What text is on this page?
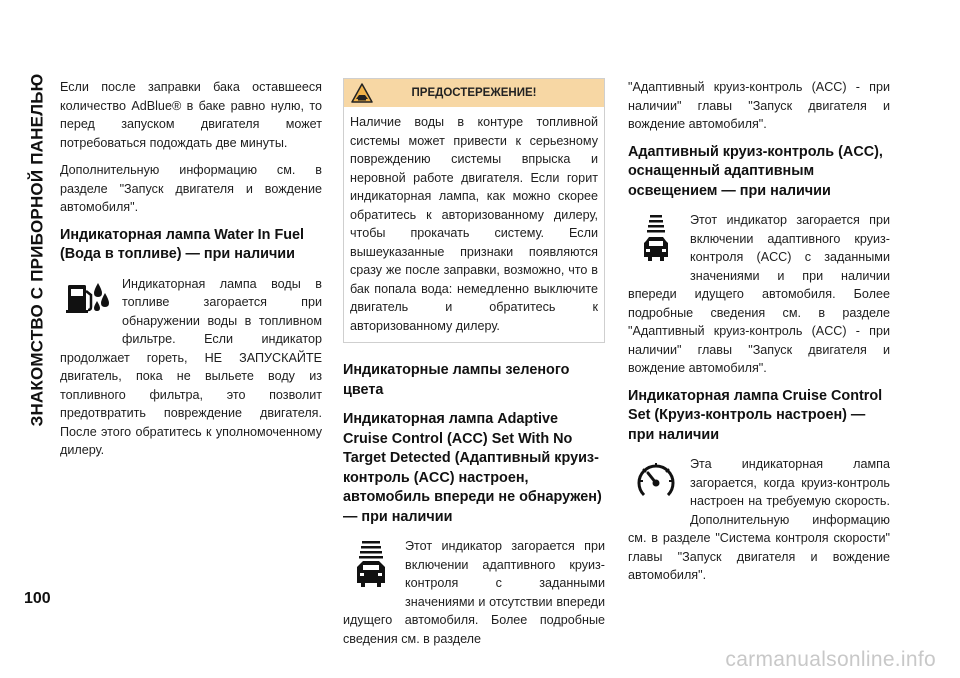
ЗНАКОМСТВО С ПРИБОРНОЙ ПАНЕЛЬЮ
100

Если после заправки бака оставшееся количество AdBlue® в баке равно нулю, то перед запуском двигателя может потребоваться подождать две минуты.

Дополнительную информацию см. в разделе "Запуск двигателя и вождение автомобиля".

Индикаторная лампа Water In Fuel (Вода в топливе) — при наличии
Индикаторная лампа воды в топливе загорается при обнаружении воды в топливном фильтре. Если индикатор продолжает гореть, НЕ ЗАПУСКАЙТЕ двигатель, пока не выльете воду из топливного фильтра, это позволит предотвратить повреждение двигателя. После этого обратитесь к уполномоченному дилеру.
ПРЕДОСТЕРЕЖЕНИЕ!
Наличие воды в контуре топливной системы может привести к серьезному повреждению системы впрыска и неровной работе двигателя. Если горит индикаторная лампа, как можно скорее обратитесь к авторизованному дилеру, чтобы прокачать систему. Если вышеуказанные признаки появляются сразу же после заправки, возможно, что в бак попала вода: немедленно выключите двигатель и обратитесь к авторизованному дилеру.
Индикаторные лампы зеленого цвета
Индикаторная лампа Adaptive Cruise Control (ACC) Set With No Target Detected (Адаптивный круиз-контроль (ACC) настроен, автомобиль впереди не обнаружен) — при наличии
Этот индикатор загорается при включении адаптивного круиз-контроля с заданными значениями и отсутствии впереди идущего автомобиля. Более подробные сведения см. в разделе

"Адаптивный круиз-контроль (ACC) - при наличии" главы "Запуск двигателя и вождение автомобиля".

Адаптивный круиз-контроль (ACC), оснащенный адаптивным освещением — при наличии
Этот индикатор загорается при включении адаптивного круиз-контроля (ACC) с заданными значениями и при наличии впереди идущего автомобиля. Более подробные сведения см. в разделе "Адаптивный круиз-контроль (ACC) - при наличии" главы "Запуск двигателя и вождение автомобиля".
Индикаторная лампа Cruise Control Set (Круиз-контроль настроен) — при наличии
Эта индикаторная лампа загорается, когда круиз-контроль настроен на требуемую скорость. Дополнительную информацию см. в разделе "Система контроля скорости" главы "Запуск двигателя и вождение автомобиля".
carmanualsonline.info
